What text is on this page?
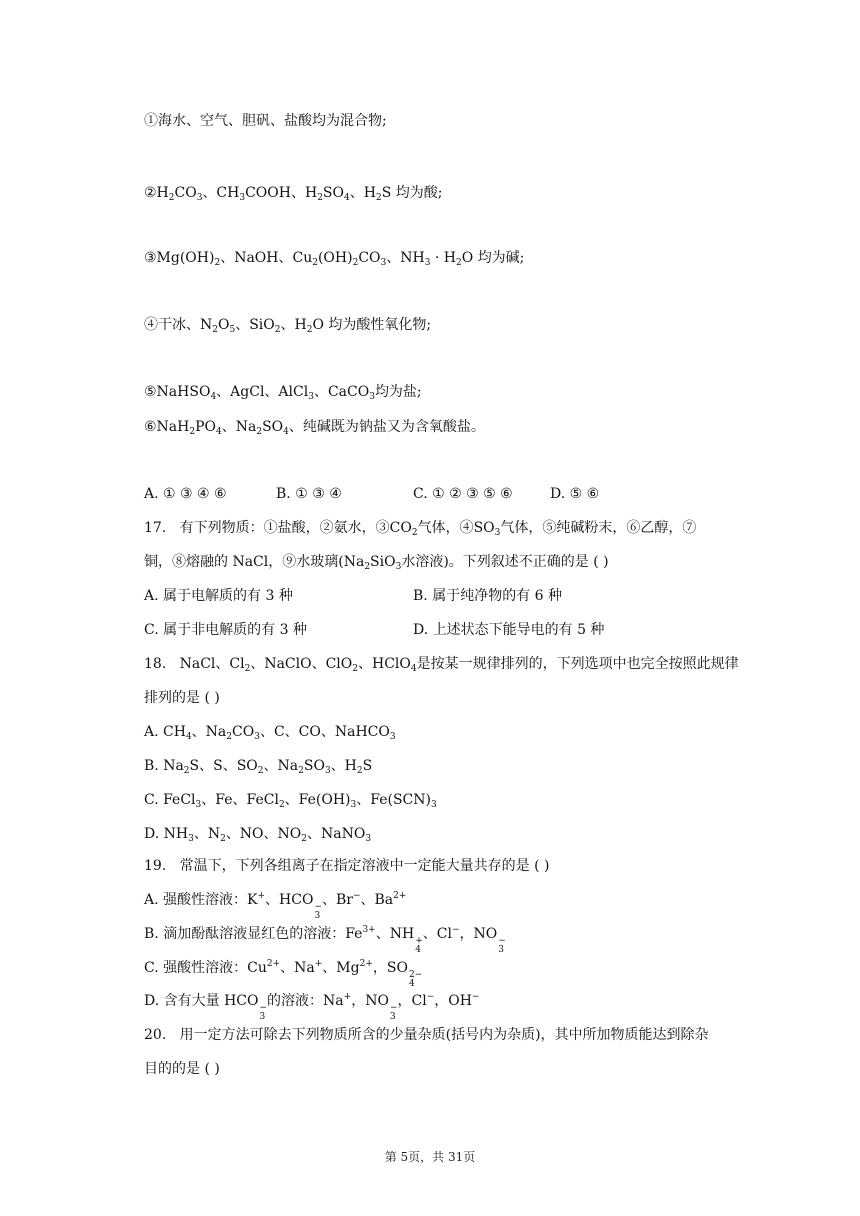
①海水、空气、胆矾、盐酸均为混合物;
$②H_2CO_3$、$CH_3COOH$、$H_2SO_4$、$H_2S$ 均为酸;
$③Mg(OH)_2$、NaOH、$Cu_2(OH)_2CO_3$、$NH_3 \cdot H_2O$ 均为碱;
④干冰、$N_2O_5$、SiO$_2$、$H_2O$ 均为酸性氧化物;
⑤NaHSO$_4$、AgCl、AlCl$_3$、CaCO$_3$均为盐;
$⑥NaH_2PO_4$、$Na_2SO_4$、纯碱既为钠盐又为含氧酸盐。
A. ① ③ ④ ⑥	B. ① ③ ④	C. ① ② ③ ⑤ ⑥	D. ⑤ ⑥
17. 有下列物质：①盐酸，②氨水，$③CO_2$气体，$④SO_3$气体，⑤纯碱粉末，⑥乙醇，⑦
铜，⑧熔融的 NaCl，⑨水玻璃($Na_2SiO_3$水溶液)。下列叙述不正确的是 ( )
A. 属于电解质的有 3 种	B. 属于纯净物的有 6 种
C. 属于非电解质的有 3 种	D. 上述状态下能导电的有 5 种
18.   NaCl、$Cl_2$、NaClO、ClO$_2$、HClO$_4$是按某一规律排列的，下列选项中也完全按照此规律
排列的是 ( )
A. $CH_4$、$Na_2CO_3$、C、CO、NaHCO$_3$
B. $Na_2S$、S、$SO_2$、$Na_2SO_3$、$H_2S$
C. FeCl$_3$、Fe、FeCl$_2$、$Fe(OH)_3$、$Fe(SCN)_3$
D. $NH_3$、$N_2$、NO、$NO_2$、NaNO$_3$
19. 常温下，下列各组离子在指定溶液中一定能大量共存的是 ( )
A. 强酸性溶液：K+、HCO −
3
、Br−、$Ba^{2+}$
B. 滴加酚酞溶液显红色的溶液：$Fe^{3+}$、NH +
4
、Cl−，NO −
3
C. 强酸性溶液：$Cu^{2+}$、Na+、$Mg^{2+}$，SO 2−
4
D. 含有大量 HCO −
3
的溶液：Na+，NO −
3
，Cl−，OH−
20. 用一定方法可除去下列物质所含的少量杂质(括号内为杂质)，其中所加物质能达到除杂
目的的是 ( )
第 5页，共 31页
